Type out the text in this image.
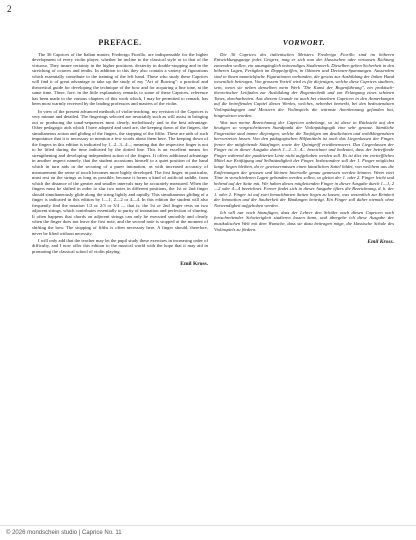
2
PREFACE.

The 36 Caprices of the Italian master, Frederigo Fiorillo, are indispensable for the higher development of every violin player, whether he incline to the classical style or to that of the virtuoso. They insure certainty in the higher positions, dexterity in double-stopping and in the stretching of octaves and tenths. In addition to this they also contain a variety of figurations which essentially contribute to the training of the left hand. Those who study these Caprices will find it of great advantage to take up the study of my "Art of Bowing": a practical and theoretical guide for developing the technique of the bow and for acquiring a fine tone, at the same time. There, fore, in the little explanatory remarks to some of these Caprices, reference has been made to the various chapters of this work which, I may be permitted to remark, has been most warmly received by the leading professors and masters of the violin.

In view of the present advanced methods of violin-teaching, my revision of the Caprices is very minute and detailed. The fingerings selected are invariably such as will assist in bringing out or producing the tonal-sequences most clearly, melodiously and to the best advantage. Other pedagogic aids which I have adopted and used are, the keeping down of the fingers, the simultaneous action and gliding of the fingers, the stopping of the fifths. These are aids of such importance that it is necessary to mention a few words about them here. The keeping down of the fingers in this edition is indicated by 1...2...3...4..., meaning that the respective finger is not to be lifted during the time indicated by the dotted line. This is an excellent means for strengthening and developing independent action of the fingers. It offers additional advantage in another respect namely, that the student accustoms himself to a quiet position of the hand which in turn aids in the securing of a purer intonation, as with increased accuracy of measurement the sense of touch becomes more highly developed. The first finger, in particular, must rest on the strings as long as possible, because it forms a kind of artificial saddle, from which the distance of the greater and smaller intervals may be accurately measured. When the fingers must be shifted in order to slur two notes in different positions, the 1st or 2nd finger should simultaneously glide along the string lightly and rapidly. This simultaneous gliding of a finger is indicated in this edition by 1—1, 2—2 or 4—4. In this edition the student will also frequently find the notation 1/2 or 2/3 or 3/4 — that is: the 1st or 2nd finger rests on two adjacent strings, which contributes essentially to purity of intonation and perfection of slurring. It often happens that chords on adjacent strings can only be executed smoothly and clearly when the finger does not leave the first note, and the second note is stopped at the moment of shifting the bow. The stopping of fifths is often necessary here. A finger should, therefore, never be lifted without necessity.

I will only add that the teacher may let the pupil study these exercises in increasing order of difficulty, and I now offer this edition to the musical world with the hope that it may aid in promoting the classical school of violin playing.

Emil Kross.
VORWORT.

Die 36 Caprices des italienischen Meisters Frederigo Fiorillo sind im höheren Entwicklungsgange jedes Geigers, mag er sich nun der klassischen oder virtuosen Richtung zuwenden wollen, ein unumgänglich notwendiges Studienwerk. Dieselben geben Sicherheit in den höheren Lagen, Fertigkeit im Doppelgriffen, in Oktaven und Decimen-Spannungen. Ausserdem sind in ihnen mannichfache Figurationen vorhanden, die gewiss zur Ausbildung der linken Hand wesentlich beitragen. Von grossem Vorteil wird es für diejenigen, welche diese Caprices studiren, sein, wenn sie neben denselben mein Werk "Die Kunst der Bogenführung", ein praktisch-theoretischer Leitfaden zur Ausbildung der Bogentechnik und zur Erlangung eines schönen Tones, durcharbeiten. Aus diesem Grunde ist auch bei einzelnen Capricen in den Anmerkungen auf die betreffenden Capitel dieses Werkes, welches, nebenbei bemerkt, bei den bedeutendsten Violinpädagogen und Meistern der Violinspiels die wärmste Anerkennung gefunden hat, hingewiesen worden.

Was nun meine Bezeichnung der Capricen anbelangt, so ist diese in Rücksicht auf den heutigen so vorgeschrittenen Standpunkt der Violinpädagogik eine sehr genaue. Sämtliche Fingersätze sind immer diejenigen, welche die Tonfolgen am deutlichsten und wohlklingendsten hervortreten lassen. Von den pädagogischen Hilfsmitteln ist noch das Liegenlassen der Finger, ferner der mitgleitende Stützfinger, sowie der Quintgriff erwähnenswert. Das Liegenlassen der Finger ist in dieser Ausgabe durch 1...2...3...4... bezeichnet und bedeutet, dass der betreffende Finger während der punktierten Linie nicht aufgehoben werden soll. Es ist dies ein vortreffliches Mittel zur Kräftigung und Selbständigkeit der Finger. Insbesondere soll der 1. Finger möglichst lange liegen bleiben, da er gewissermassen einen künstlichen Sattel bildet, von welchem aus die Entfernungen der grossen und kleinen Intervalle genau gemessen werden können. Wenn zwei Töne in verschiedenen Lagen gebunden werden sollen, so gleitet der 1. oder 2. Finger leicht und behend auf der Saite mit. Wir haben dieses mitgleitenden Finger in dieser Ausgabe durch 1—1, 2—2 oder 4—4 bezeichnet. Ferner findet sich in dieser Ausgabe öfters die Bezeichnung, d. h. der 1. oder 2. Finger ist auf zwei benachbarten Saiten liegen zu lassen, was wesentlich zur Reinheit der Intonation und der Sauberkeit der Bindungen beiträgt. Ein Finger soll daher niemals ohne Notwendigkeit aufgehoben werden.

Ich will nur noch hinzufügen, dass der Lehrer den Schüler nach diesen Capricen nach fortschreitender Schwierigkeit studieren lassen kann, und übergebe ich diese Ausgabe der musikalischen Welt mit dem Wunsche, dass sie dazu beitragen möge, die klassische Schule des Violinspiels zu fördern.

Emil Kross.
© 2026 mondschein studio | Caprice No. 11
